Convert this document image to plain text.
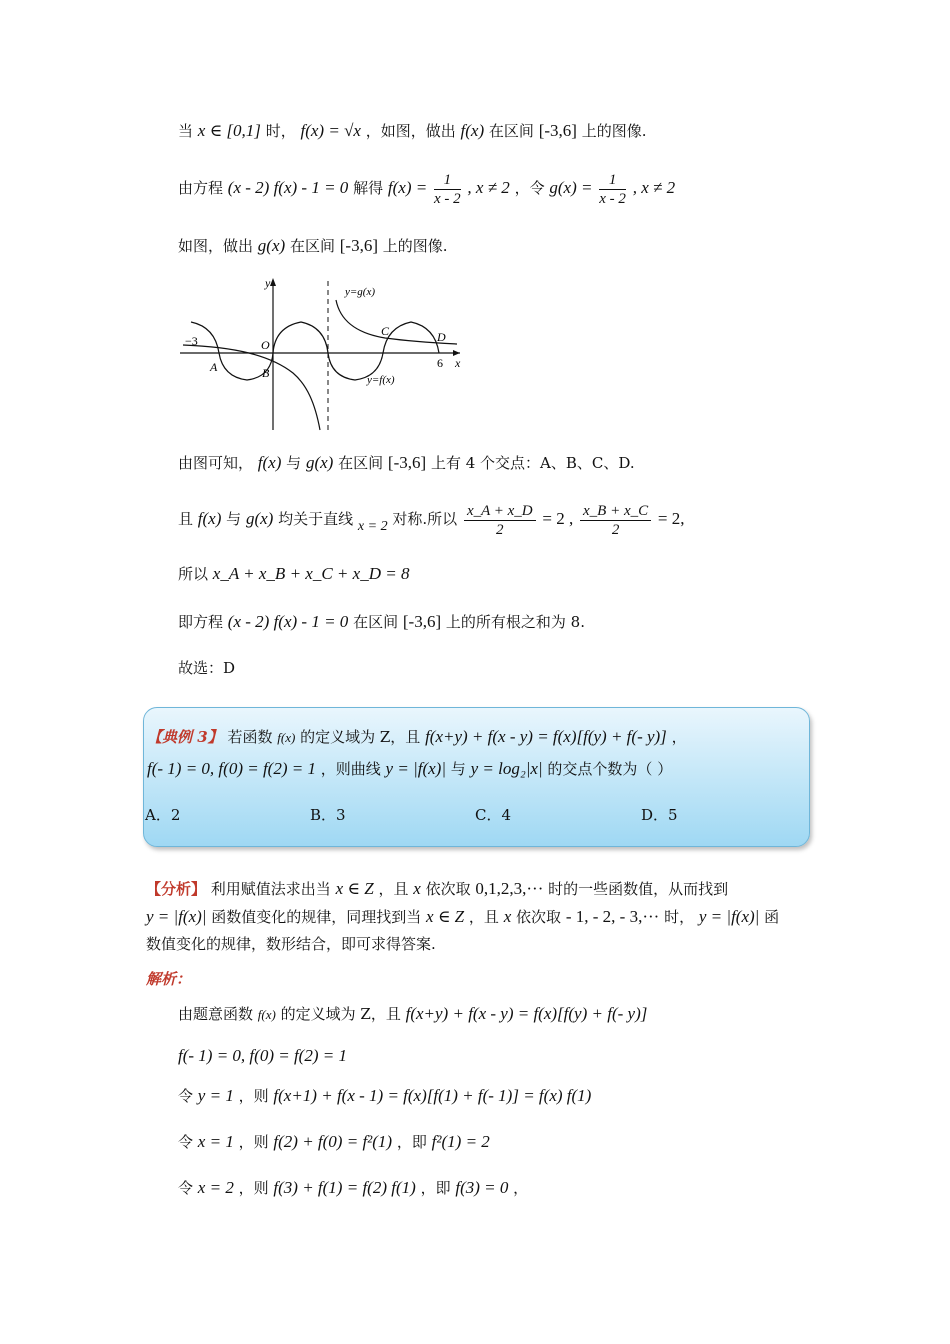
当 x ∈ [0,1] 时， f(x) = √x ，如图，做出 f(x) 在区间 [-3,6] 上的图像.
由方程 (x - 2) f(x) - 1 = 0 解得 $f(x) = \frac{1}{x - 2}$ , x ≠ 2 ，令 $g(x) = \frac{1}{x - 2}$ , x ≠ 2
如图，做出 g(x) 在区间 [-3,6] 上的图像.
y
x
O
−3
6
A	B
C	D
y=g(x)
y=f(x)
由图可知， f(x) 与 g(x) 在区间 [-3,6] 上有 4 个交点：A、B、C、D.
且 f(x) 与 g(x) 均关于直线 x = 2 对称.所以 $\frac{x\_A + x\_D}{2} = 2$ , $\frac{x\_B + x\_C}{2} = 2$,
所以 x_A + x_B + x_C + x_D = 8
即方程 (x - 2) f(x) - 1 = 0 在区间 [-3,6] 上的所有根之和为 8.
故选：D
【典例 3】 若函数 f(x) 的定义域为 Z，且 f(x+y) + f(x - y) = f(x)[f(y) + f(- y)] ，
f(- 1) = 0, f(0) = f(2) = 1 ，则曲线 y = |f(x)| 与 y = log₂|x| 的交点个数为（ ）
A．2	B．3	C．4	D．5
【分析】 利用赋值法求出当 x ∈ Z ，且 x 依次取 0,1,2,3,··· 时的一些函数值，从而找到
y = |f(x)| 函数值变化的规律，同理找到当 x ∈ Z ，且 x 依次取 - 1, - 2, - 3,··· 时， y = |f(x)| 函
数值变化的规律，数形结合，即可求得答案.
解析：
由题意函数 f(x) 的定义域为 Z，且 f(x+y) + f(x - y) = f(x)[f(y) + f(- y)]
f(- 1) = 0, f(0) = f(2) = 1
令 y = 1 ，则 f(x+1) + f(x - 1) = f(x)[f(1) + f(- 1)] = f(x) f(1)
令 x = 1 ，则 f(2) + f(0) = f²(1) ，即 f²(1) = 2
令 x = 2 ，则 f(3) + f(1) = f(2) f(1) ，即 f(3) = 0 ，
